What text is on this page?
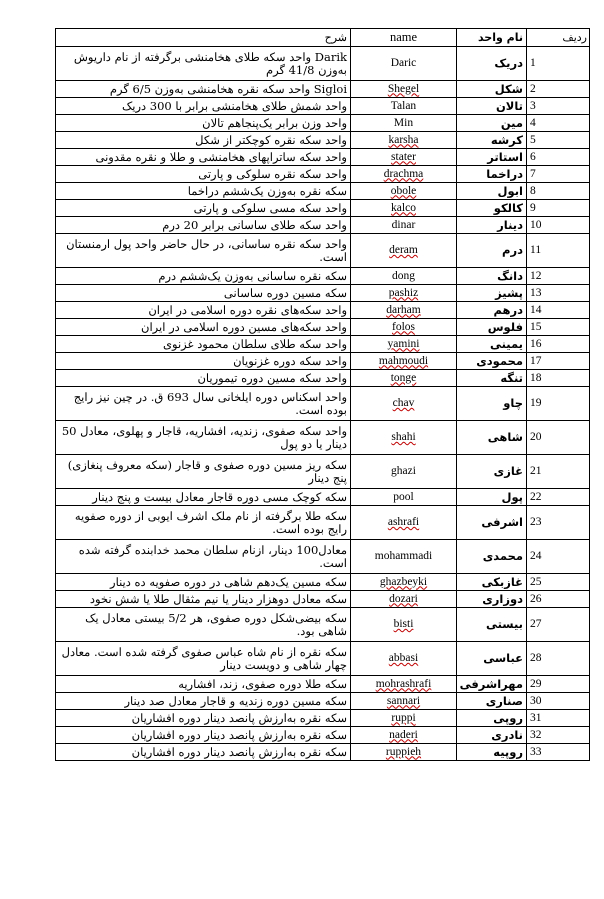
شرح	name	نام واحد	ردیف
Darik واحد سکه طلای هخامنشی برگرفته از نام داریوش بەوزن 41/8 گرم	Daric	دریک	1
Sigloi واحد سکه نقره هخامنشی بەوزن 6/5 گرم	Shegel	شکل	2
واحد شمش طلای هخامنشی برابر با 300 دریک	Talan	تالان	3
واحد وزن برابر یک‌پنجاهم تالان	Min	مین	4
واحد سکه نقره کوچکتر از شکل	karsha	کرشه	5
واحد سکه ساتراپهای هخامنشی و طلا و نقره مقدونی	stater	استاتر	6
واحد سکه نقره سلوکی و پارتی	drachma	دراخما	7
سکه نقره بەوزن یک‌ششم دراخما	obole	ابول	8
واحد سکه مسی سلوکی و پارتی	kalco	کالکو	9
واحد سکه طلای ساسانی برابر 20 درم	dinar	دینار	10
واحد سکه نقره ساسانی، در حال حاضر واحد پول ارمنستان است.	deram	درم	11
سکه نقره ساسانی بەوزن یک‌ششم درم	dong	دانگ	12
سکه مسین دوره ساسانی	pashiz	پشیز	13
واحد سکه‌های نقره دوره اسلامی در ایران	darham	درهم	14
واحد سکه‌های مسین دوره اسلامی در ایران	folos	فلوس	15
واحد سکه طلای سلطان محمود غزنوی	yamini	یمینی	16
واحد سکه دوره غزنویان	mahmoudi	محمودی	17
واحد سکه مسین دوره تیموریان	tonge	تنگه	18
واحد اسکناس دوره ایلخانی سال 693 ق. در چین نیز رایج بوده است.	chav	چاو	19
واحد سکه صفوی، زندیه، افشاریه، قاجار و پهلوی، معادل 50 دینار یا دو پول	shahi	شاهی	20
سکه ریز مسین دوره صفوی و قاجار (سکه معروف پنغازی) پنج دینار	ghazi	غازی	21
سکه کوچک مسی دوره قاجار معادل بیست و پنج دینار	pool	پول	22
سکه طلا برگرفته از نام ملک اشرف ایوبی از دوره صفویه رایج بوده است.	ashrafi	اشرفی	23
معادل100 دینار، ازنام سلطان محمد خدابنده گرفته شده است.	mohammadi	محمدی	24
سکه مسین یک‌دهم شاهی در دوره صفویه ده دینار	ghazbeyki	غازبکی	25
سکه معادل دوهزار دینار یا نیم مثقال طلا یا شش نخود	dozari	دوزاری	26
سکه بیضی‌شکل دوره صفوی، هر 5/2 بیستی معادل یک شاهی بود.	bisti	بیستی	27
سکه نقره از نام شاه عباس صفوی گرفته شده است. معادل چهار شاهی و دویست دینار	abbasi	عباسی	28
سکه طلا دوره صفوی، زند، افشاریه	mohrashrafi	مهراشرفی	29
سکه مسین دوره زندیه و قاجار معادل صد دینار	sannari	صناری	30
سکه نقره بەارزش پانصد دینار دوره افشاریان	ruppi	روپی	31
سکه نقره بەارزش پانصد دینار دوره افشاریان	naderi	نادری	32
سکه نقره بەارزش پانصد دینار دوره افشاریان	ruppieh	روپیه	33
